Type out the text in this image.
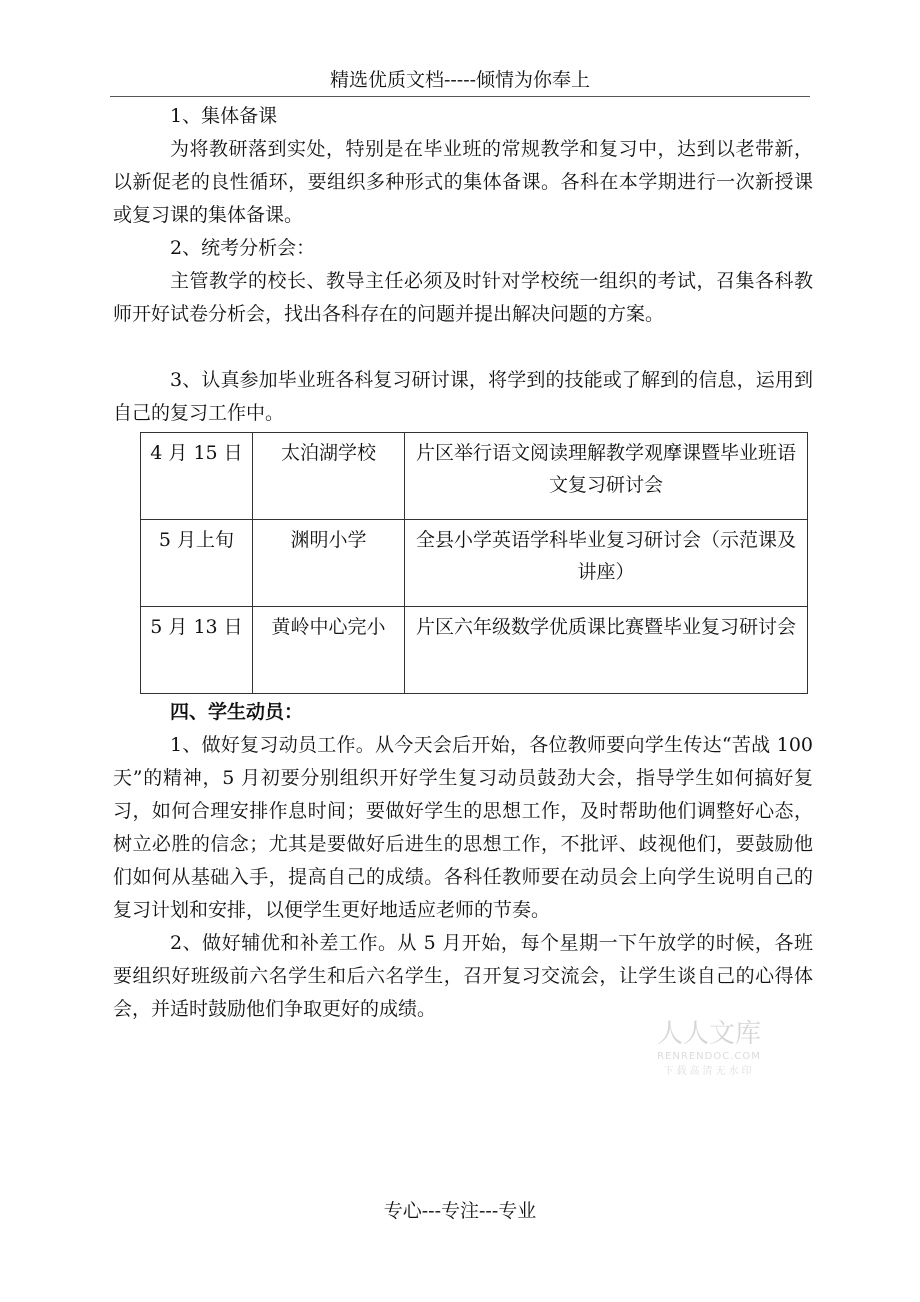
精选优质文档-----倾情为你奉上

1、集体备课

为将教研落到实处，特别是在毕业班的常规教学和复习中，达到以老带新，以新促老的良性循环，要组织多种形式的集体备课。各科在本学期进行一次新授课或复习课的集体备课。

2、统考分析会：

主管教学的校长、教导主任必须及时针对学校统一组织的考试，召集各科教师开好试卷分析会，找出各科存在的问题并提出解决问题的方案。

3、认真参加毕业班各科复习研讨课，将学到的技能或了解到的信息，运用到自己的复习工作中。

4 月 15 日	太泊湖学校	片区举行语文阅读理解教学观摩课暨毕业班语文复习研讨会
5 月上旬	渊明小学	全县小学英语学科毕业复习研讨会（示范课及讲座）
5 月 13 日	黄岭中心完小	片区六年级数学优质课比赛暨毕业复习研讨会

四、学生动员：

1、做好复习动员工作。从今天会后开始，各位教师要向学生传达“苦战 100 天”的精神，5 月初要分别组织开好学生复习动员鼓劲大会，指导学生如何搞好复习，如何合理安排作息时间；要做好学生的思想工作，及时帮助他们调整好心态，树立必胜的信念；尤其是要做好后进生的思想工作，不批评、歧视他们，要鼓励他们如何从基础入手，提高自己的成绩。各科任教师要在动员会上向学生说明自己的复习计划和安排，以便学生更好地适应老师的节奏。

2、做好辅优和补差工作。从 5 月开始，每个星期一下午放学的时候，各班要组织好班级前六名学生和后六名学生，召开复习交流会，让学生谈自己的心得体会，并适时鼓励他们争取更好的成绩。

人人文库
RENRENDOC.COM
下载高清无水印
专心---专注---专业
